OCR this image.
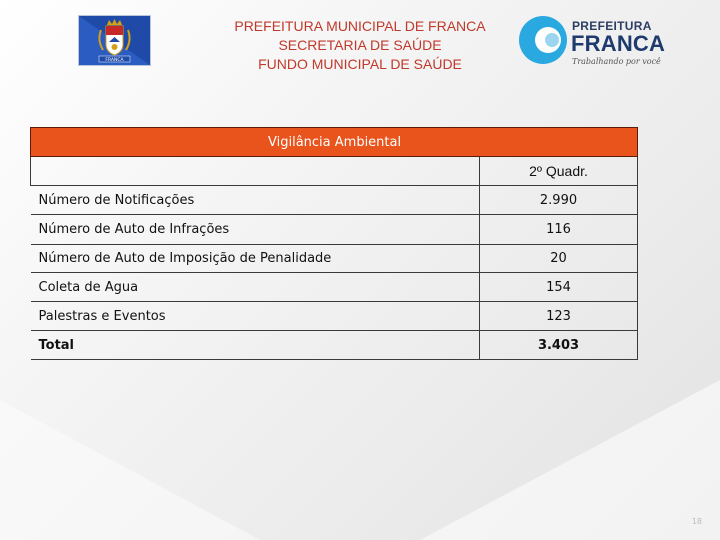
FRANCA
PREFEITURA MUNICIPAL DE FRANCA
SECRETARIA DE SAÚDE
FUNDO MUNICIPAL DE SAÚDE
PREFEITURA
FRANCA
Trabalhando por você
Vigilância Ambiental
	2º Quadr.
Número de Notificações	2.990
Número de Auto de Infrações	116
Número de Auto de Imposição de Penalidade	20
Coleta de Agua	154
Palestras e Eventos	123
Total	3.403
18
